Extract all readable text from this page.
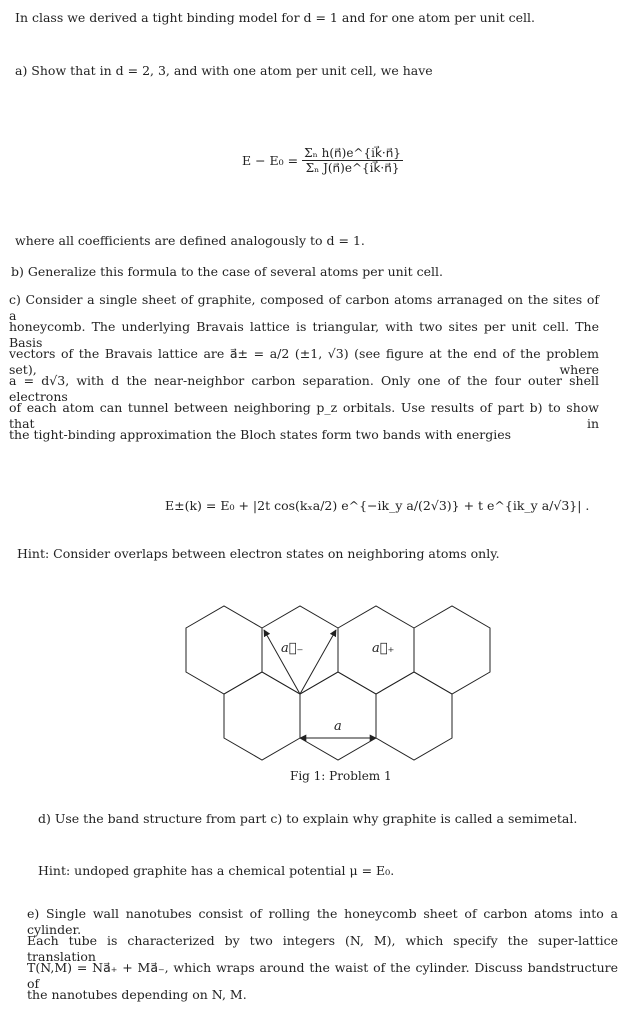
In class we derived a tight binding model for d = 1 and for one atom per unit cell.
a) Show that in d = 2, 3, and with one atom per unit cell, we have
$E - E_0 = \frac{\text{Σₙ h(n⃗)e\textasciicircum{}\{ik⃗·n⃗\}}}{\text{Σₙ J(n⃗)e\textasciicircum{}\{ik⃗·n⃗\}}}$
where all coefficients are defined analogously to d = 1.
b) Generalize this formula to the case of several atoms per unit cell.
c) Consider a single sheet of graphite, composed of carbon atoms arranaged on the sites of a
honeycomb. The underlying Bravais lattice is triangular, with two sites per unit cell. The Basis
vectors of the Bravais lattice are a⃗± = a/2 (±1, √3) (see figure at the end of the problem set), where
a = d√3, with d the near-neighbor carbon separation. Only one of the four outer shell electrons
of each atom can tunnel between neighboring p_z orbitals. Use results of part b) to show that in
the tight-binding approximation the Bloch states form two bands with energies
E±(k) = E₀ + |2t cos(kₓa/2) e^{−ik_y a/(2√3)} + t e^{ik_y a/√3}| .
Hint: Consider overlaps between electron states on neighboring atoms only.
a⃗₋	a⃗₊
a
Fig 1: Problem 1
d) Use the band structure from part c) to explain why graphite is called a semimetal.
Hint: undoped graphite has a chemical potential μ = E₀.
e) Single wall nanotubes consist of rolling the honeycomb sheet of carbon atoms into a cylinder.
Each tube is characterized by two integers (N, M), which specify the super-lattice translation
T(N,M) = Na⃗₊ + Ma⃗₋, which wraps around the waist of the cylinder. Discuss bandstructure of
the nanotubes depending on N, M.
